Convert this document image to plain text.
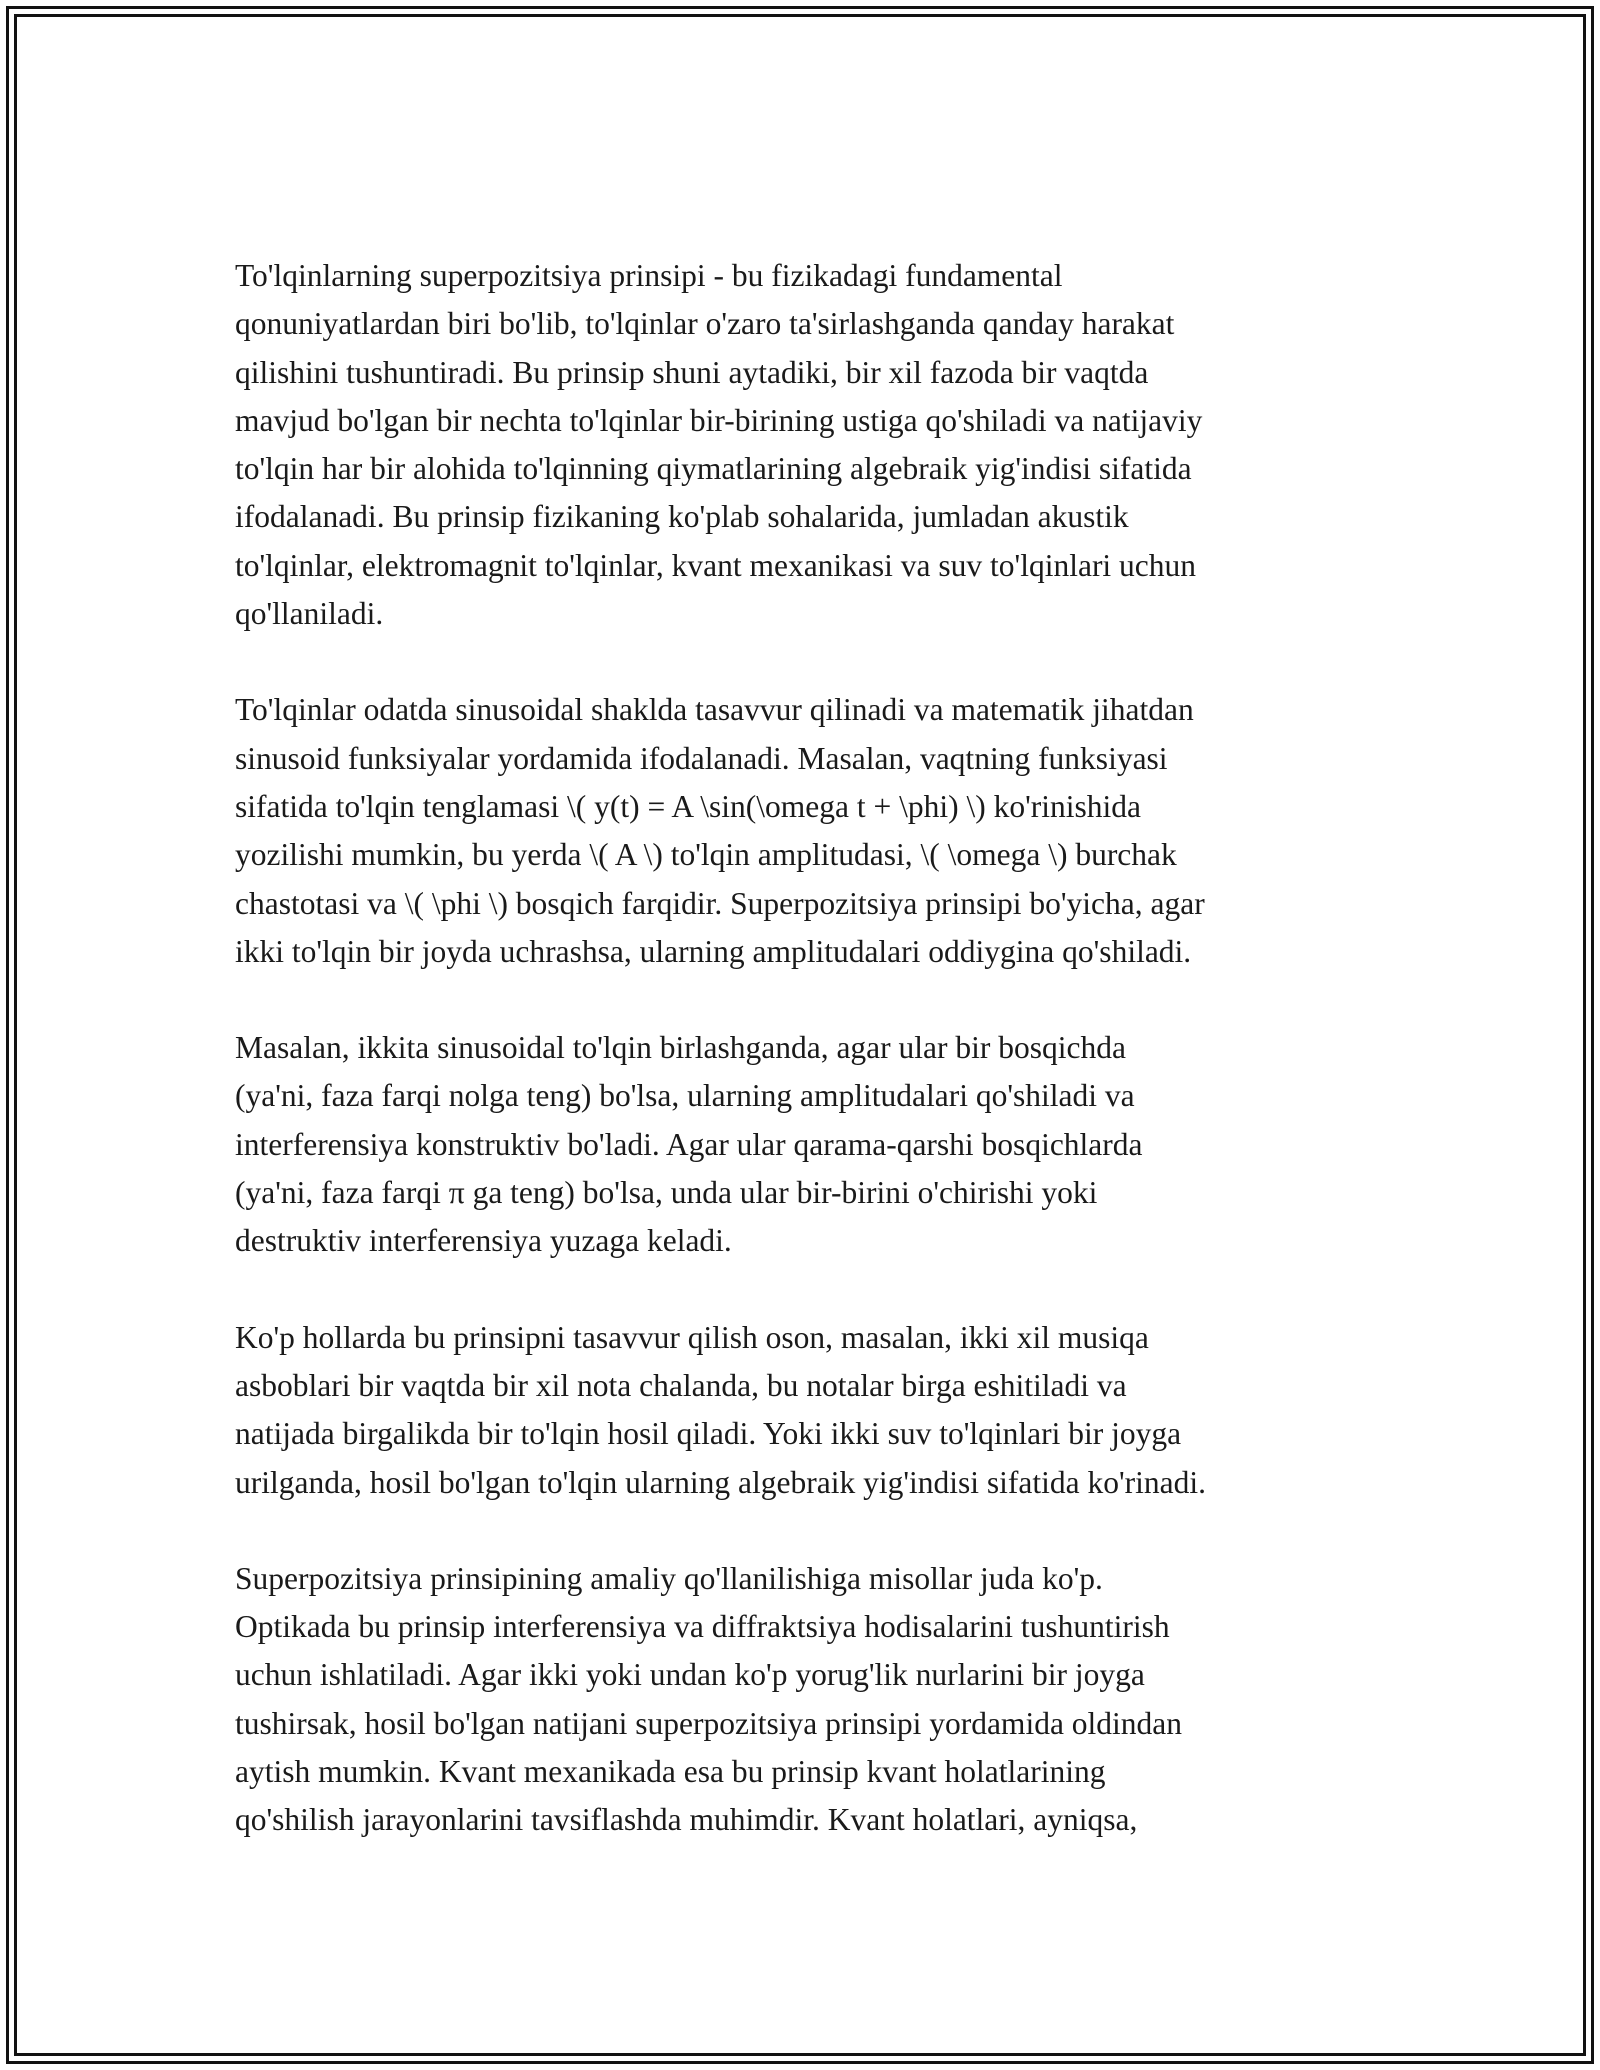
To'lqinlarning superpozitsiya prinsipi - bu fizikadagi fundamental
qonuniyatlardan biri bo'lib, to'lqinlar o'zaro ta'sirlashganda qanday harakat
qilishini tushuntiradi. Bu prinsip shuni aytadiki, bir xil fazoda bir vaqtda
mavjud bo'lgan bir nechta to'lqinlar bir-birining ustiga qo'shiladi va natijaviy
to'lqin har bir alohida to'lqinning qiymatlarining algebraik yig'indisi sifatida
ifodalanadi. Bu prinsip fizikaning ko'plab sohalarida, jumladan akustik
to'lqinlar, elektromagnit to'lqinlar, kvant mexanikasi va suv to'lqinlari uchun
qo'llaniladi.

To'lqinlar odatda sinusoidal shaklda tasavvur qilinadi va matematik jihatdan
sinusoid funksiyalar yordamida ifodalanadi. Masalan, vaqtning funksiyasi
sifatida to'lqin tenglamasi \( y(t) = A \sin(\omega t + \phi) \) ko'rinishida
yozilishi mumkin, bu yerda \( A \) to'lqin amplitudasi, \( \omega \) burchak
chastotasi va \( \phi \) bosqich farqidir. Superpozitsiya prinsipi bo'yicha, agar
ikki to'lqin bir joyda uchrashsa, ularning amplitudalari oddiygina qo'shiladi.

Masalan, ikkita sinusoidal to'lqin birlashganda, agar ular bir bosqichda
(ya'ni, faza farqi nolga teng) bo'lsa, ularning amplitudalari qo'shiladi va
interferensiya konstruktiv bo'ladi. Agar ular qarama-qarshi bosqichlarda
(ya'ni, faza farqi π ga teng) bo'lsa, unda ular bir-birini o'chirishi yoki
destruktiv interferensiya yuzaga keladi.

Ko'p hollarda bu prinsipni tasavvur qilish oson, masalan, ikki xil musiqa
asboblari bir vaqtda bir xil nota chalanda, bu notalar birga eshitiladi va
natijada birgalikda bir to'lqin hosil qiladi. Yoki ikki suv to'lqinlari bir joyga
urilganda, hosil bo'lgan to'lqin ularning algebraik yig'indisi sifatida ko'rinadi.

Superpozitsiya prinsipining amaliy qo'llanilishiga misollar juda ko'p.
Optikada bu prinsip interferensiya va diffraktsiya hodisalarini tushuntirish
uchun ishlatiladi. Agar ikki yoki undan ko'p yorug'lik nurlarini bir joyga
tushirsak, hosil bo'lgan natijani superpozitsiya prinsipi yordamida oldindan
aytish mumkin. Kvant mexanikada esa bu prinsip kvant holatlarining
qo'shilish jarayonlarini tavsiflashda muhimdir. Kvant holatlari, ayniqsa,
